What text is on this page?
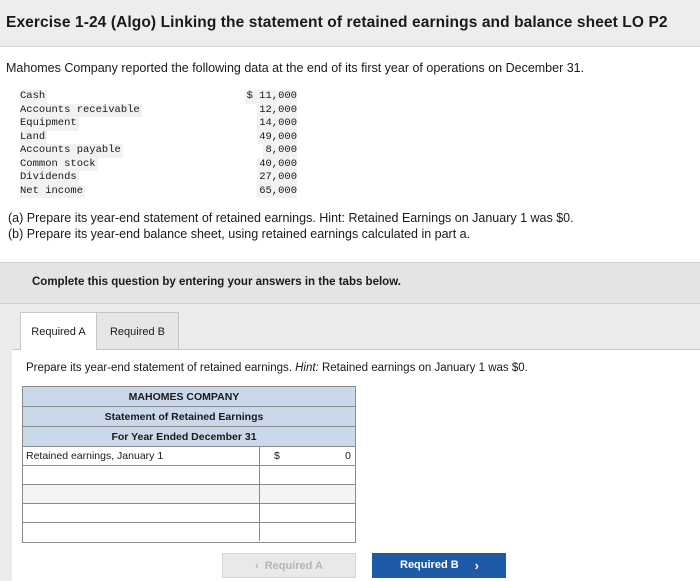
Exercise 1-24 (Algo) Linking the statement of retained earnings and balance sheet LO P2
Mahomes Company reported the following data at the end of its first year of operations on December 31.
Cash	$ 11,000
Accounts receivable	12,000
Equipment	14,000
Land	49,000
Accounts payable	8,000
Common stock	40,000
Dividends	27,000
Net income	65,000
(a) Prepare its year-end statement of retained earnings. Hint: Retained Earnings on January 1 was $0.
(b) Prepare its year-end balance sheet, using retained earnings calculated in part a.
Complete this question by entering your answers in the tabs below.
Required A	Required B
Prepare its year-end statement of retained earnings. Hint: Retained earnings on January 1 was $0.
MAHOMES COMPANY
Statement of Retained Earnings
For Year Ended December 31
Retained earnings, January 1	$	0
‹ Required A	Required B ›
